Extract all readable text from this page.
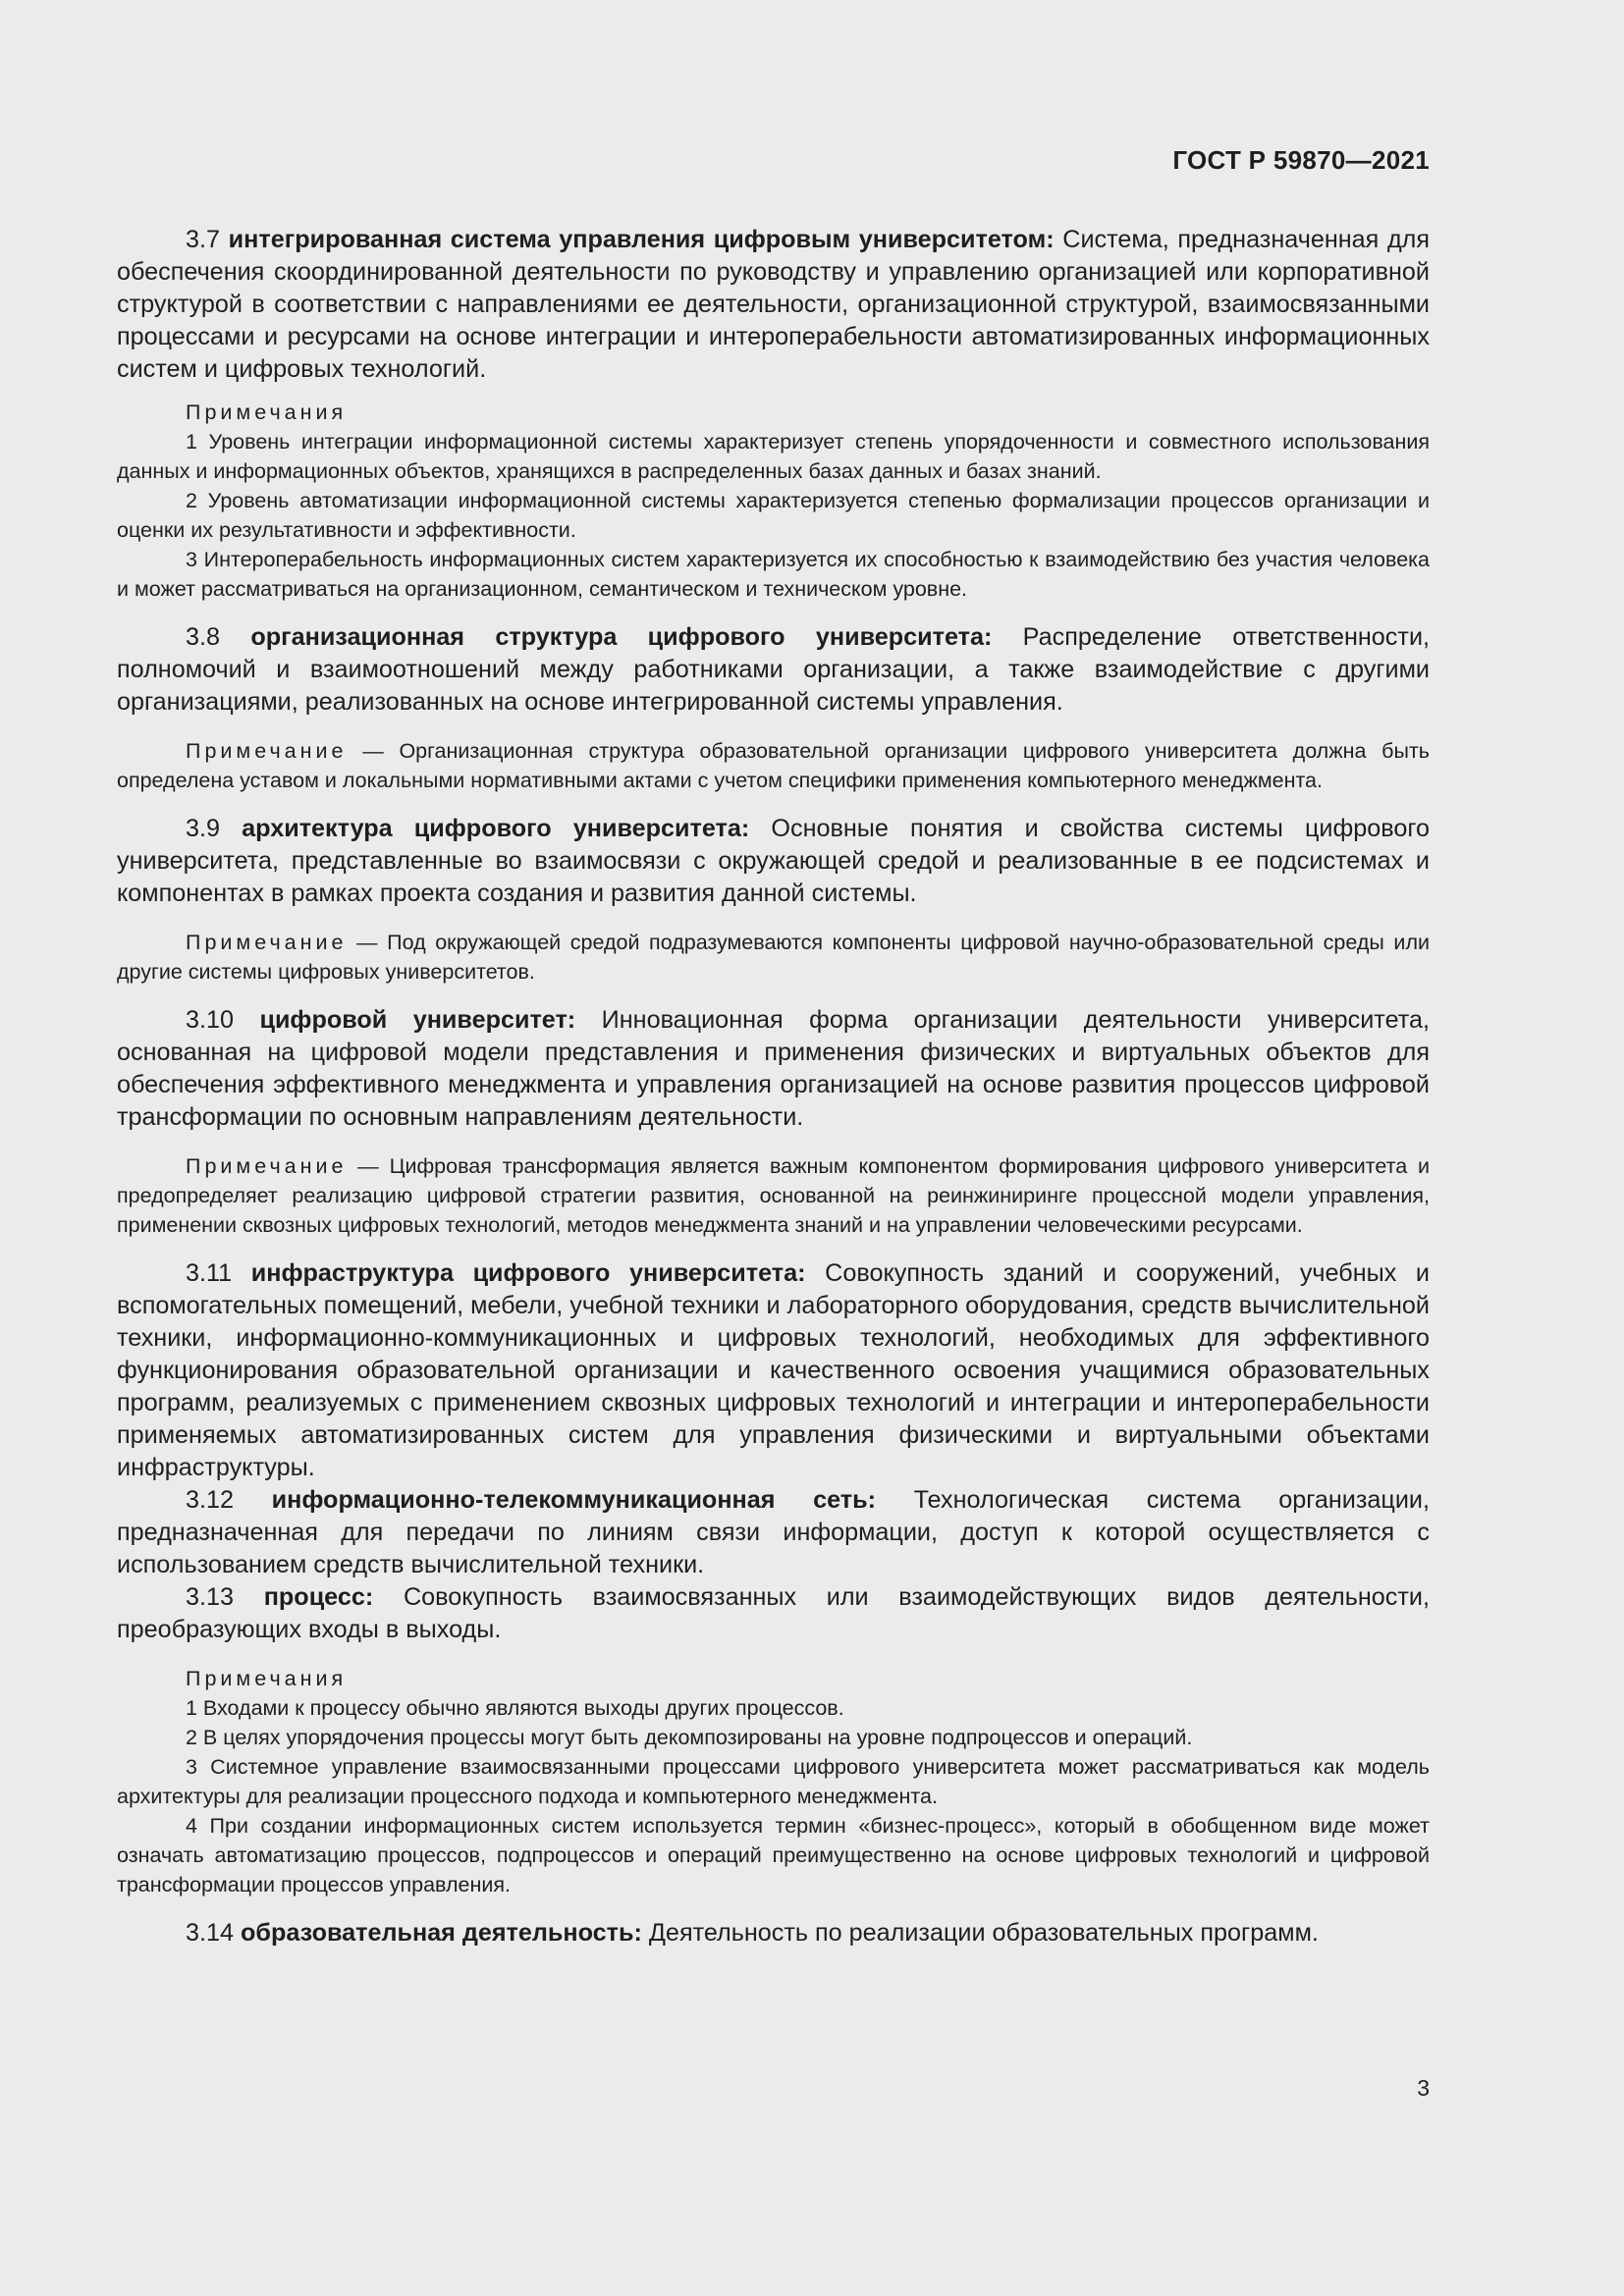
ГОСТ Р 59870—2021

3.7 интегрированная система управления цифровым университетом: Система, предназначенная для обеспечения скоординированной деятельности по руководству и управлению организацией или корпоративной структурой в соответствии с направлениями ее деятельности, организационной структурой, взаимосвязанными процессами и ресурсами на основе интеграции и интероперабельности автоматизированных информационных систем и цифровых технологий.

Примечания

1 Уровень интеграции информационной системы характеризует степень упорядоченности и совместного использования данных и информационных объектов, хранящихся в распределенных базах данных и базах знаний.

2 Уровень автоматизации информационной системы характеризуется степенью формализации процессов организации и оценки их результативности и эффективности.

3 Интероперабельность информационных систем характеризуется их способностью к взаимодействию без участия человека и может рассматриваться на организационном, семантическом и техническом уровне.

3.8 организационная структура цифрового университета: Распределение ответственности, полномочий и взаимоотношений между работниками организации, а также взаимодействие с другими организациями, реализованных на основе интегрированной системы управления.

Примечание — Организационная структура образовательной организации цифрового университета должна быть определена уставом и локальными нормативными актами с учетом специфики применения компьютерного менеджмента.

3.9 архитектура цифрового университета: Основные понятия и свойства системы цифрового университета, представленные во взаимосвязи с окружающей средой и реализованные в ее подсистемах и компонентах в рамках проекта создания и развития данной системы.

Примечание — Под окружающей средой подразумеваются компоненты цифровой научно-образовательной среды или другие системы цифровых университетов.

3.10 цифровой университет: Инновационная форма организации деятельности университета, основанная на цифровой модели представления и применения физических и виртуальных объектов для обеспечения эффективного менеджмента и управления организацией на основе развития процессов цифровой трансформации по основным направлениям деятельности.

Примечание — Цифровая трансформация является важным компонентом формирования цифрового университета и предопределяет реализацию цифровой стратегии развития, основанной на реинжиниринге процессной модели управления, применении сквозных цифровых технологий, методов менеджмента знаний и на управлении человеческими ресурсами.

3.11 инфраструктура цифрового университета: Совокупность зданий и сооружений, учебных и вспомогательных помещений, мебели, учебной техники и лабораторного оборудования, средств вычислительной техники, информационно-коммуникационных и цифровых технологий, необходимых для эффективного функционирования образовательной организации и качественного освоения учащимися образовательных программ, реализуемых с применением сквозных цифровых технологий и интеграции и интероперабельности применяемых автоматизированных систем для управления физическими и виртуальными объектами инфраструктуры.

3.12 информационно-телекоммуникационная сеть: Технологическая система организации, предназначенная для передачи по линиям связи информации, доступ к которой осуществляется с использованием средств вычислительной техники.

3.13 процесс: Совокупность взаимосвязанных или взаимодействующих видов деятельности, преобразующих входы в выходы.

Примечания

1 Входами к процессу обычно являются выходы других процессов.

2 В целях упорядочения процессы могут быть декомпозированы на уровне подпроцессов и операций.

3 Системное управление взаимосвязанными процессами цифрового университета может рассматриваться как модель архитектуры для реализации процессного подхода и компьютерного менеджмента.

4 При создании информационных систем используется термин «бизнес-процесс», который в обобщенном виде может означать автоматизацию процессов, подпроцессов и операций преимущественно на основе цифровых технологий и цифровой трансформации процессов управления.

3.14 образовательная деятельность: Деятельность по реализации образовательных программ.

3
